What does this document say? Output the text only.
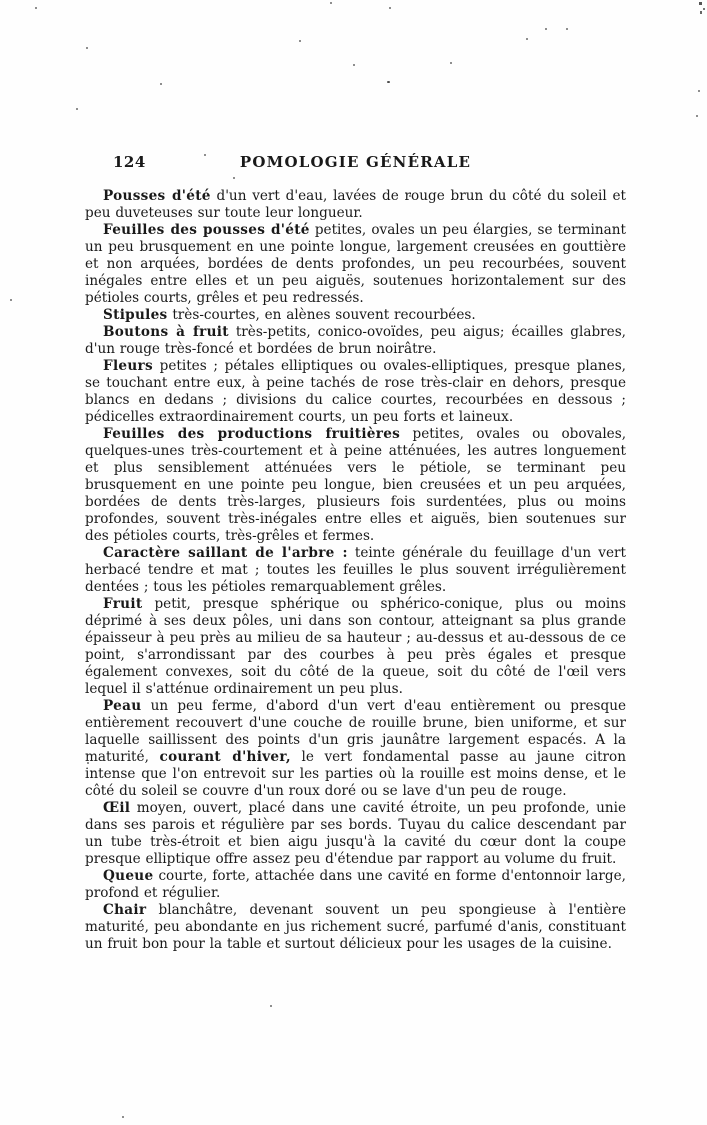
124	POMOLOGIE GÉNÉRALE

Pousses d'été d'un vert d'eau, lavées de rouge brun du côté du soleil et peu duveteuses sur toute leur longueur.

Feuilles des pousses d'été petites, ovales un peu élargies, se terminant un peu brusquement en une pointe longue, largement creusées en gouttière et non arquées, bordées de dents profondes, un peu recourbées, souvent inégales entre elles et un peu aiguës, soutenues horizontalement sur des pétioles courts, grêles et peu redressés.

Stipules très-courtes, en alènes souvent recourbées.

Boutons à fruit très-petits, conico-ovoïdes, peu aigus; écailles glabres, d'un rouge très-foncé et bordées de brun noirâtre.

Fleurs petites ; pétales elliptiques ou ovales-elliptiques, presque planes, se touchant entre eux, à peine tachés de rose très-clair en dehors, presque blancs en dedans ; divisions du calice courtes, recourbées en dessous ; pédicelles extraordinairement courts, un peu forts et laineux.

Feuilles des productions fruitières petites, ovales ou obovales, quelques-unes très-courtement et à peine atténuées, les autres longuement et plus sensiblement atténuées vers le pétiole, se terminant peu brusquement en une pointe peu longue, bien creusées et un peu arquées, bordées de dents très-larges, plusieurs fois surdentées, plus ou moins profondes, souvent très-inégales entre elles et aiguës, bien soutenues sur des pétioles courts, très-grêles et fermes.

Caractère saillant de l'arbre : teinte générale du feuillage d'un vert herbacé tendre et mat ; toutes les feuilles le plus souvent irrégulièrement dentées ; tous les pétioles remarquablement grêles.

Fruit petit, presque sphérique ou sphérico-conique, plus ou moins déprimé à ses deux pôles, uni dans son contour, atteignant sa plus grande épaisseur à peu près au milieu de sa hauteur ; au-dessus et au-dessous de ce point, s'arrondissant par des courbes à peu près égales et presque également convexes, soit du côté de la queue, soit du côté de l'œil vers lequel il s'atténue ordinairement un peu plus.

Peau un peu ferme, d'abord d'un vert d'eau entièrement ou presque entièrement recouvert d'une couche de rouille brune, bien uniforme, et sur laquelle saillissent des points d'un gris jaunâtre largement espacés. A la maturité, courant d'hiver, le vert fondamental passe au jaune citron intense que l'on entrevoit sur les parties où la rouille est moins dense, et le côté du soleil se couvre d'un roux doré ou se lave d'un peu de rouge.

Œil moyen, ouvert, placé dans une cavité étroite, un peu profonde, unie dans ses parois et régulière par ses bords. Tuyau du calice descendant par un tube très-étroit et bien aigu jusqu'à la cavité du cœur dont la coupe presque elliptique offre assez peu d'étendue par rapport au volume du fruit.

Queue courte, forte, attachée dans une cavité en forme d'entonnoir large, profond et régulier.

Chair blanchâtre, devenant souvent un peu spongieuse à l'entière maturité, peu abondante en jus richement sucré, parfumé d'anis, constituant un fruit bon pour la table et surtout délicieux pour les usages de la cuisine.
